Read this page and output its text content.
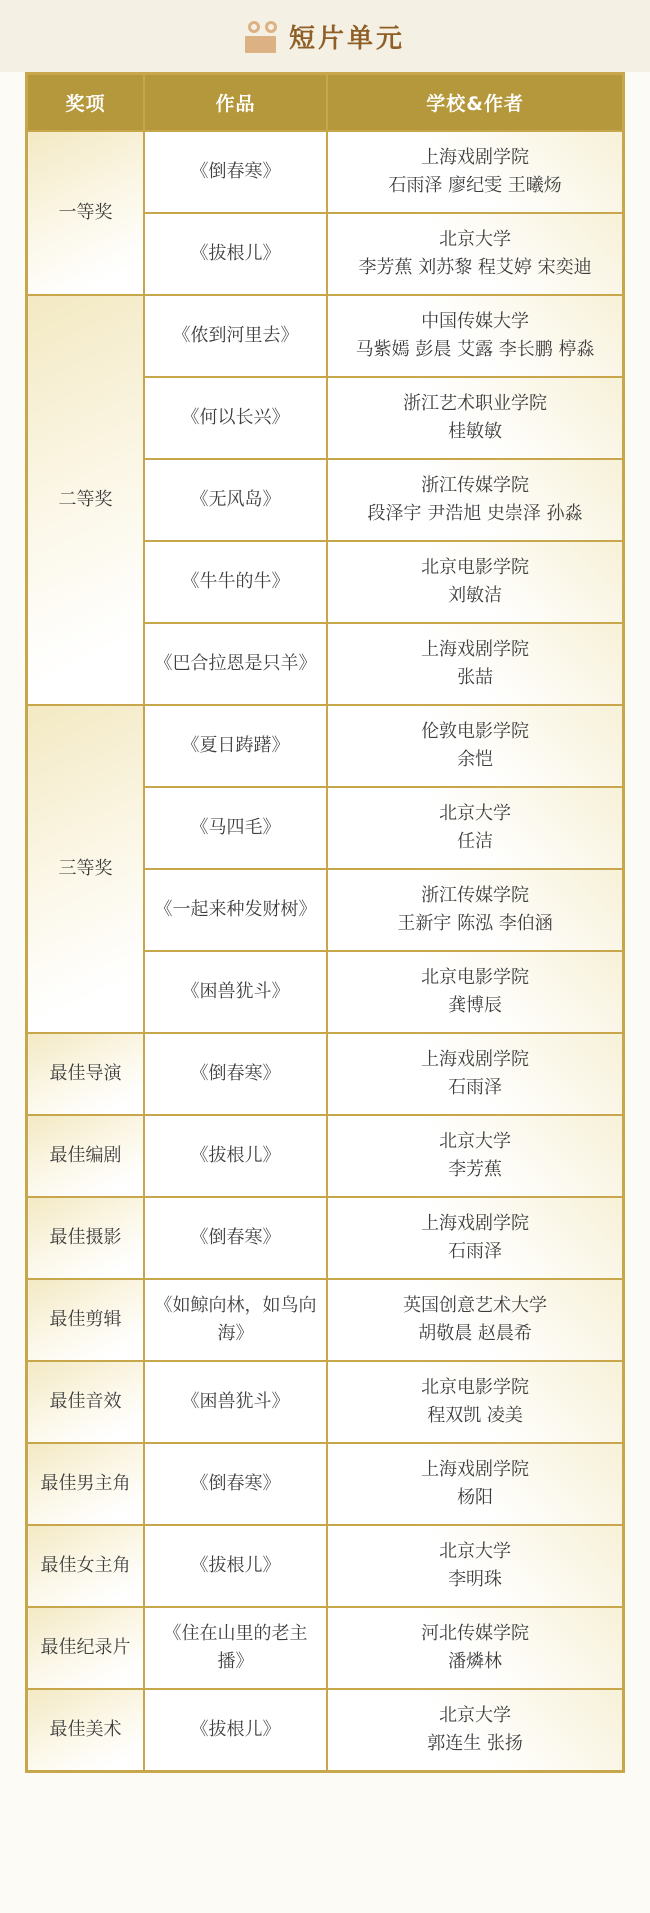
短片单元
奖项	作品	学校&作者
一等奖	《倒春寒》	上海戏剧学院
石雨泽 廖纪雯 王曦炀

	《拔根儿》	北京大学
李芳蕉 刘苏黎 程艾婷 宋奕迪

二等奖	《侬到河里去》	中国传媒大学
马紫嫣 彭晨 艾露 李长鹏 楟淼

	《何以长兴》	浙江艺术职业学院
桂敏敏

	《无风岛》	浙江传媒学院
段泽宇 尹浩旭 史崇泽 孙淼

	《牛牛的牛》	北京电影学院
刘敏洁

	《巴合拉恩是只羊》	上海戏剧学院
张喆

三等奖	《夏日踌躇》	伦敦电影学院
余恺

	《马四毛》	北京大学
任洁

	《一起来种发财树》	浙江传媒学院
王新宇 陈泓 李伯涵

	《困兽犹斗》	北京电影学院
龚博辰

最佳导演	《倒春寒》	上海戏剧学院
石雨泽

最佳编剧	《拔根儿》	北京大学
李芳蕉

最佳摄影	《倒春寒》	上海戏剧学院
石雨泽

最佳剪辑	《如鲸向林，如鸟向海》	英国创意艺术大学
胡敬晨 赵晨希

最佳音效	《困兽犹斗》	北京电影学院
程双凯 凌美

最佳男主角	《倒春寒》	上海戏剧学院
杨阳

最佳女主角	《拔根儿》	北京大学
李明珠

最佳纪录片	《住在山里的老主播》	河北传媒学院
潘燐林

最佳美术	《拔根儿》	北京大学
郭连生 张扬
